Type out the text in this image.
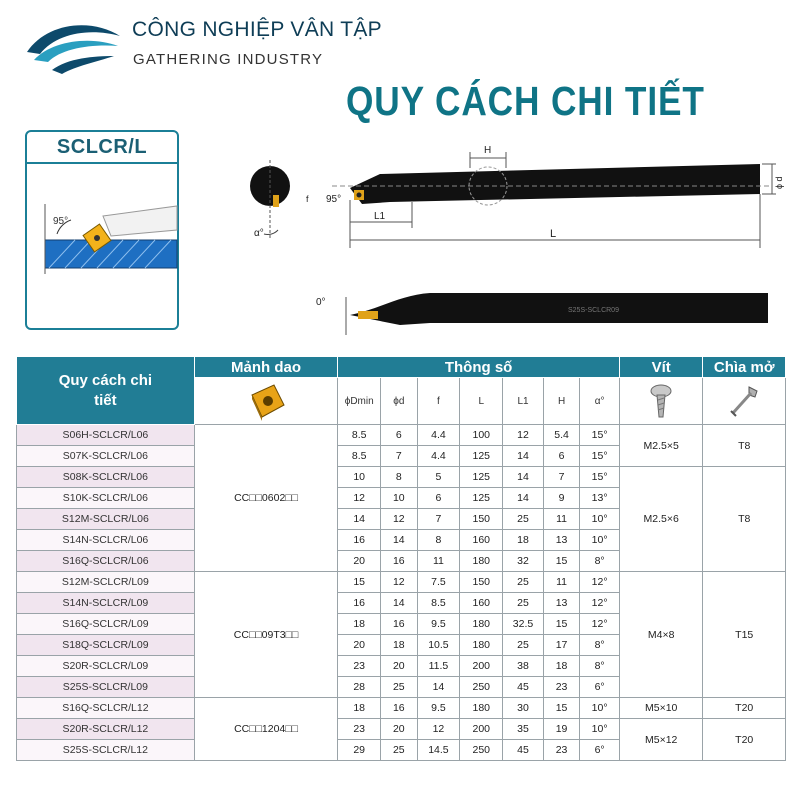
CÔNG NGHIỆP VÂN TẬP
GATHERING INDUSTRY
QUY CÁCH CHI TIẾT
SCLCR/L
95°
α°
f
H
95°
L1
L
ϕ d
0°
S25S-SCLCR09
Quy cách chi tiết	Mảnh dao	Thông số							Vít	Chìa mở

	ϕDmin	ϕd	f	L	L1	H	α°	

S06H-SCLCR/L06	CC□□0602□□	8.5	6	4.4	100	12	5.4	15°	M2.5×5	T8
S07K-SCLCR/L06		8.5	7	4.4	125	14	6	15°		
S08K-SCLCR/L06		10	8	5	125	14	7	15°	M2.5×6	T8
S10K-SCLCR/L06		12	10	6	125	14	9	13°		
S12M-SCLCR/L06		14	12	7	150	25	11	10°		
S14N-SCLCR/L06		16	14	8	160	18	13	10°		
S16Q-SCLCR/L06		20	16	11	180	32	15	8°		
S12M-SCLCR/L09	CC□□09T3□□	15	12	7.5	150	25	11	12°	M4×8	T15
S14N-SCLCR/L09		16	14	8.5	160	25	13	12°		
S16Q-SCLCR/L09		18	16	9.5	180	32.5	15	12°		
S18Q-SCLCR/L09		20	18	10.5	180	25	17	8°		
S20R-SCLCR/L09		23	20	11.5	200	38	18	8°		
S25S-SCLCR/L09		28	25	14	250	45	23	6°		
S16Q-SCLCR/L12	CC□□1204□□	18	16	9.5	180	30	15	10°	M5×10	T20
S20R-SCLCR/L12		23	20	12	200	35	19	10°	M5×12	T20
S25S-SCLCR/L12		29	25	14.5	250	45	23	6°		
